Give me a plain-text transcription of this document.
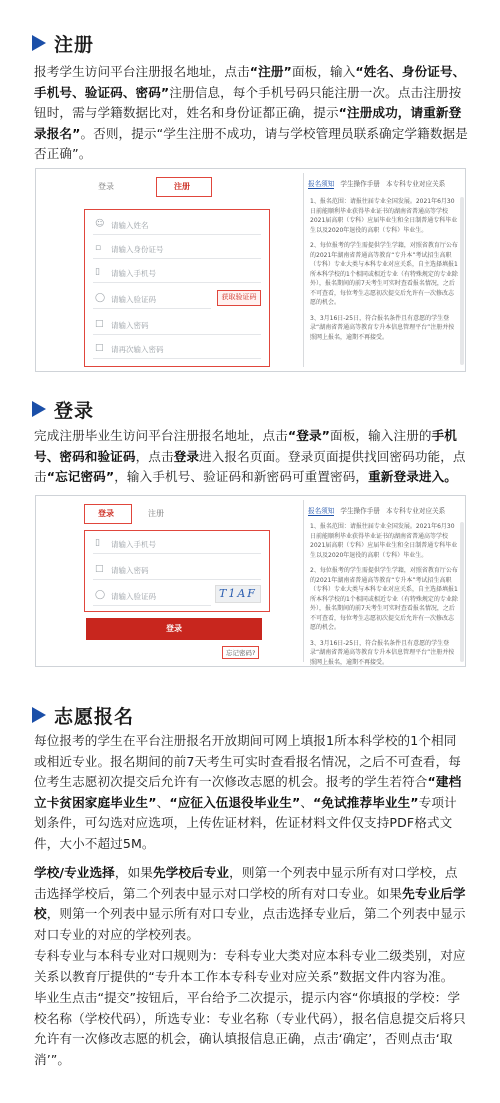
注册
报考学生访问平台注册报名地址，点击“注册”面板，输入“姓名、身份证号、手机号、验证码、密码”注册信息，每个手机号码只能注册一次。点击注册按钮时，需与学籍数据比对，姓名和身份证都正确，提示“注册成功，请重新登录报名”。否则，提示“学生注册不成功，请与学校管理员联系确定学籍数据是否正确”。
登录	注册
☺ 请输入姓名
▫ 请输入身份证号
▯ 请输入手机号
◯ 请输入验证码	获取验证码
□ 请输入密码
□ 请再次输入密码
报名须知 学生操作手册 本专科专业对应关系

1、报名范围：请报往届专业全国发展。2021年6月30日前能顺利毕业获得毕业证书的湖南省普通高等学校2021届高职（专科）应届毕业生和全日制普通专科毕业生以及2020年退役的高职（专科）毕业生。

2、每位报考的学生需提供学生学籍，对照省教育厅公布的2021年湖南省普通高等教育“专升本”考试招生高职（专科）专业大类与本科专业对应关系，自主选择填报1所本科学校的1个相同或相近专业（有特殊规定的专业除外），报名期间的前7天考生可实时查看报名情况，之后不可查看，每位考生志愿初次提交后允许有一次修改志愿的机会。

3、3月16日-25日，符合报名条件且有意愿的学生登录“湖南省普通高等教育专升本信息管理平台”注册并按照网上报名，逾期不再接受。

登录
完成注册毕业生访问平台注册报名地址，点击“登录”面板，输入注册的手机号、密码和验证码，点击登录进入报名页面。登录页面提供找回密码功能，点击“忘记密码”，输入手机号、验证码和新密码可重置密码，重新登录进入。
登录	注册
▯ 请输入手机号
□ 请输入密码
◯ 请输入验证码	T1AF
登录
忘记密码?
报名须知 学生操作手册 本专科专业对应关系

1、报名范围：请报往届专业全国发展。2021年6月30日前能顺利毕业获得毕业证书的湖南省普通高等学校2021届高职（专科）应届毕业生和全日制普通专科毕业生以及2020年退役的高职（专科）毕业生。

2、每位报考的学生需提供学生学籍，对照省教育厅公布的2021年湖南省普通高等教育“专升本”考试招生高职（专科）专业大类与本科专业对应关系，自主选择填报1所本科学校的1个相同或相近专业（有特殊规定的专业除外），报名期间的前7天考生可实时查看报名情况，之后不可查看，每位考生志愿初次提交后允许有一次修改志愿的机会。

3、3月16日-25日，符合报名条件且有意愿的学生登录“湖南省普通高等教育专升本信息管理平台”注册并按照网上报名，逾期不再接受。

志愿报名
每位报考的学生在平台注册报名开放期间可网上填报1所本科学校的1个相同或相近专业。报名期间的前7天考生可实时查看报名情况，之后不可查看，每位考生志愿初次提交后允许有一次修改志愿的机会。报考的学生若符合“建档立卡贫困家庭毕业生”、“应征入伍退役毕业生”、“免试推荐毕业生”专项计划条件，可勾选对应选项，上传佐证材料，佐证材料文件仅支持PDF格式文件，大小不超过5M。
学校/专业选择，如果先学校后专业，则第一个列表中显示所有对口学校，点击选择学校后，第二个列表中显示对口学校的所有对口专业。如果先专业后学校，则第一个列表中显示所有对口专业，点击选择专业后，第二个列表中显示对口专业的对应的学校列表。
专科专业与本科专业对口规则为：专科专业大类对应本科专业二级类别，对应关系以教育厅提供的“专升本工作本专科专业对应关系”数据文件内容为准。
毕业生点击“提交”按钮后，平台给予二次提示，提示内容“你填报的学校：学校名称（学校代码），所选专业：专业名称（专业代码），报名信息提交后将只允许有一次修改志愿的机会，确认填报信息正确，点击‘确定’，否则点击‘取消’”。
